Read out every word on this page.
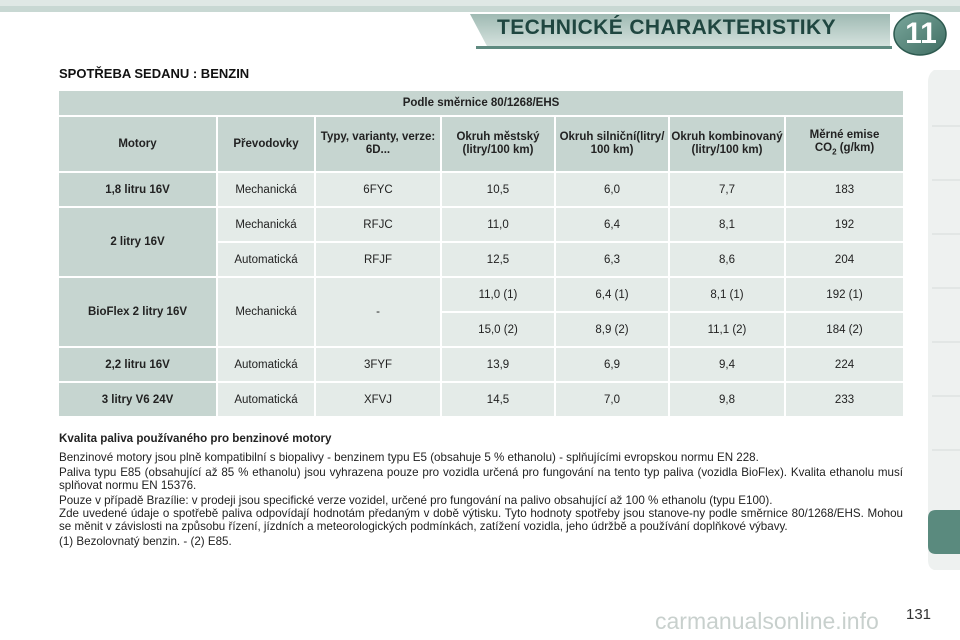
TECHNICKÉ CHARAKTERISTIKY	11
SPOTŘEBA SEDANU : BENZIN
Podle směrnice 80/1268/EHS						
Motory	Převodovky	Typy, varianty, verze: 6D...	Okruh městský (litry/100 km)	Okruh silniční(litry/ 100 km)	Okruh kombinovaný (litry/100 km)	Měrné emise
$CO_2$ (g/km)
1,8 litru 16V	Mechanická	6FYC	10,5	6,0	7,7	183
2 litry 16V	Mechanická	RFJC	11,0	6,4	8,1	192
	Automatická	RFJF	12,5	6,3	8,6	204
BioFlex 2 litry 16V	Mechanická	-	11,0 (1)	6,4 (1)	8,1 (1)	192 (1)
			15,0 (2)	8,9 (2)	11,1 (2)	184 (2)
2,2 litru 16V	Automatická	3FYF	13,9	6,9	9,4	224
3 litry V6 24V	Automatická	XFVJ	14,5	7,0	9,8	233

Kvalita paliva používaného pro benzinové motory

Benzinové motory jsou plně kompatibilní s biopalivy - benzinem typu E5 (obsahuje 5 % ethanolu) - splňujícími evropskou normu EN 228.

Paliva typu E85 (obsahující až 85 % ethanolu) jsou vyhrazena pouze pro vozidla určená pro fungování na tento typ paliva (vozidla BioFlex). Kvalita ethanolu musí splňovat normu EN 15376.

Pouze v případě Brazílie: v prodeji jsou specifické verze vozidel, určené pro fungování na palivo obsahující až 100 % ethanolu (typu E100).

Zde uvedené údaje o spotřebě paliva odpovídají hodnotám předaným v době výtisku. Tyto hodnoty spotřeby jsou stanove-ny podle směrnice 80/1268/EHS. Mohou se měnit v závislosti na způsobu řízení, jízdních a meteorologických podmínkách, zatížení vozidla, jeho údržbě a používání doplňkové výbavy.

(1) Bezolovnatý benzin. - (2) E85.

carmanualsonline.info 131
